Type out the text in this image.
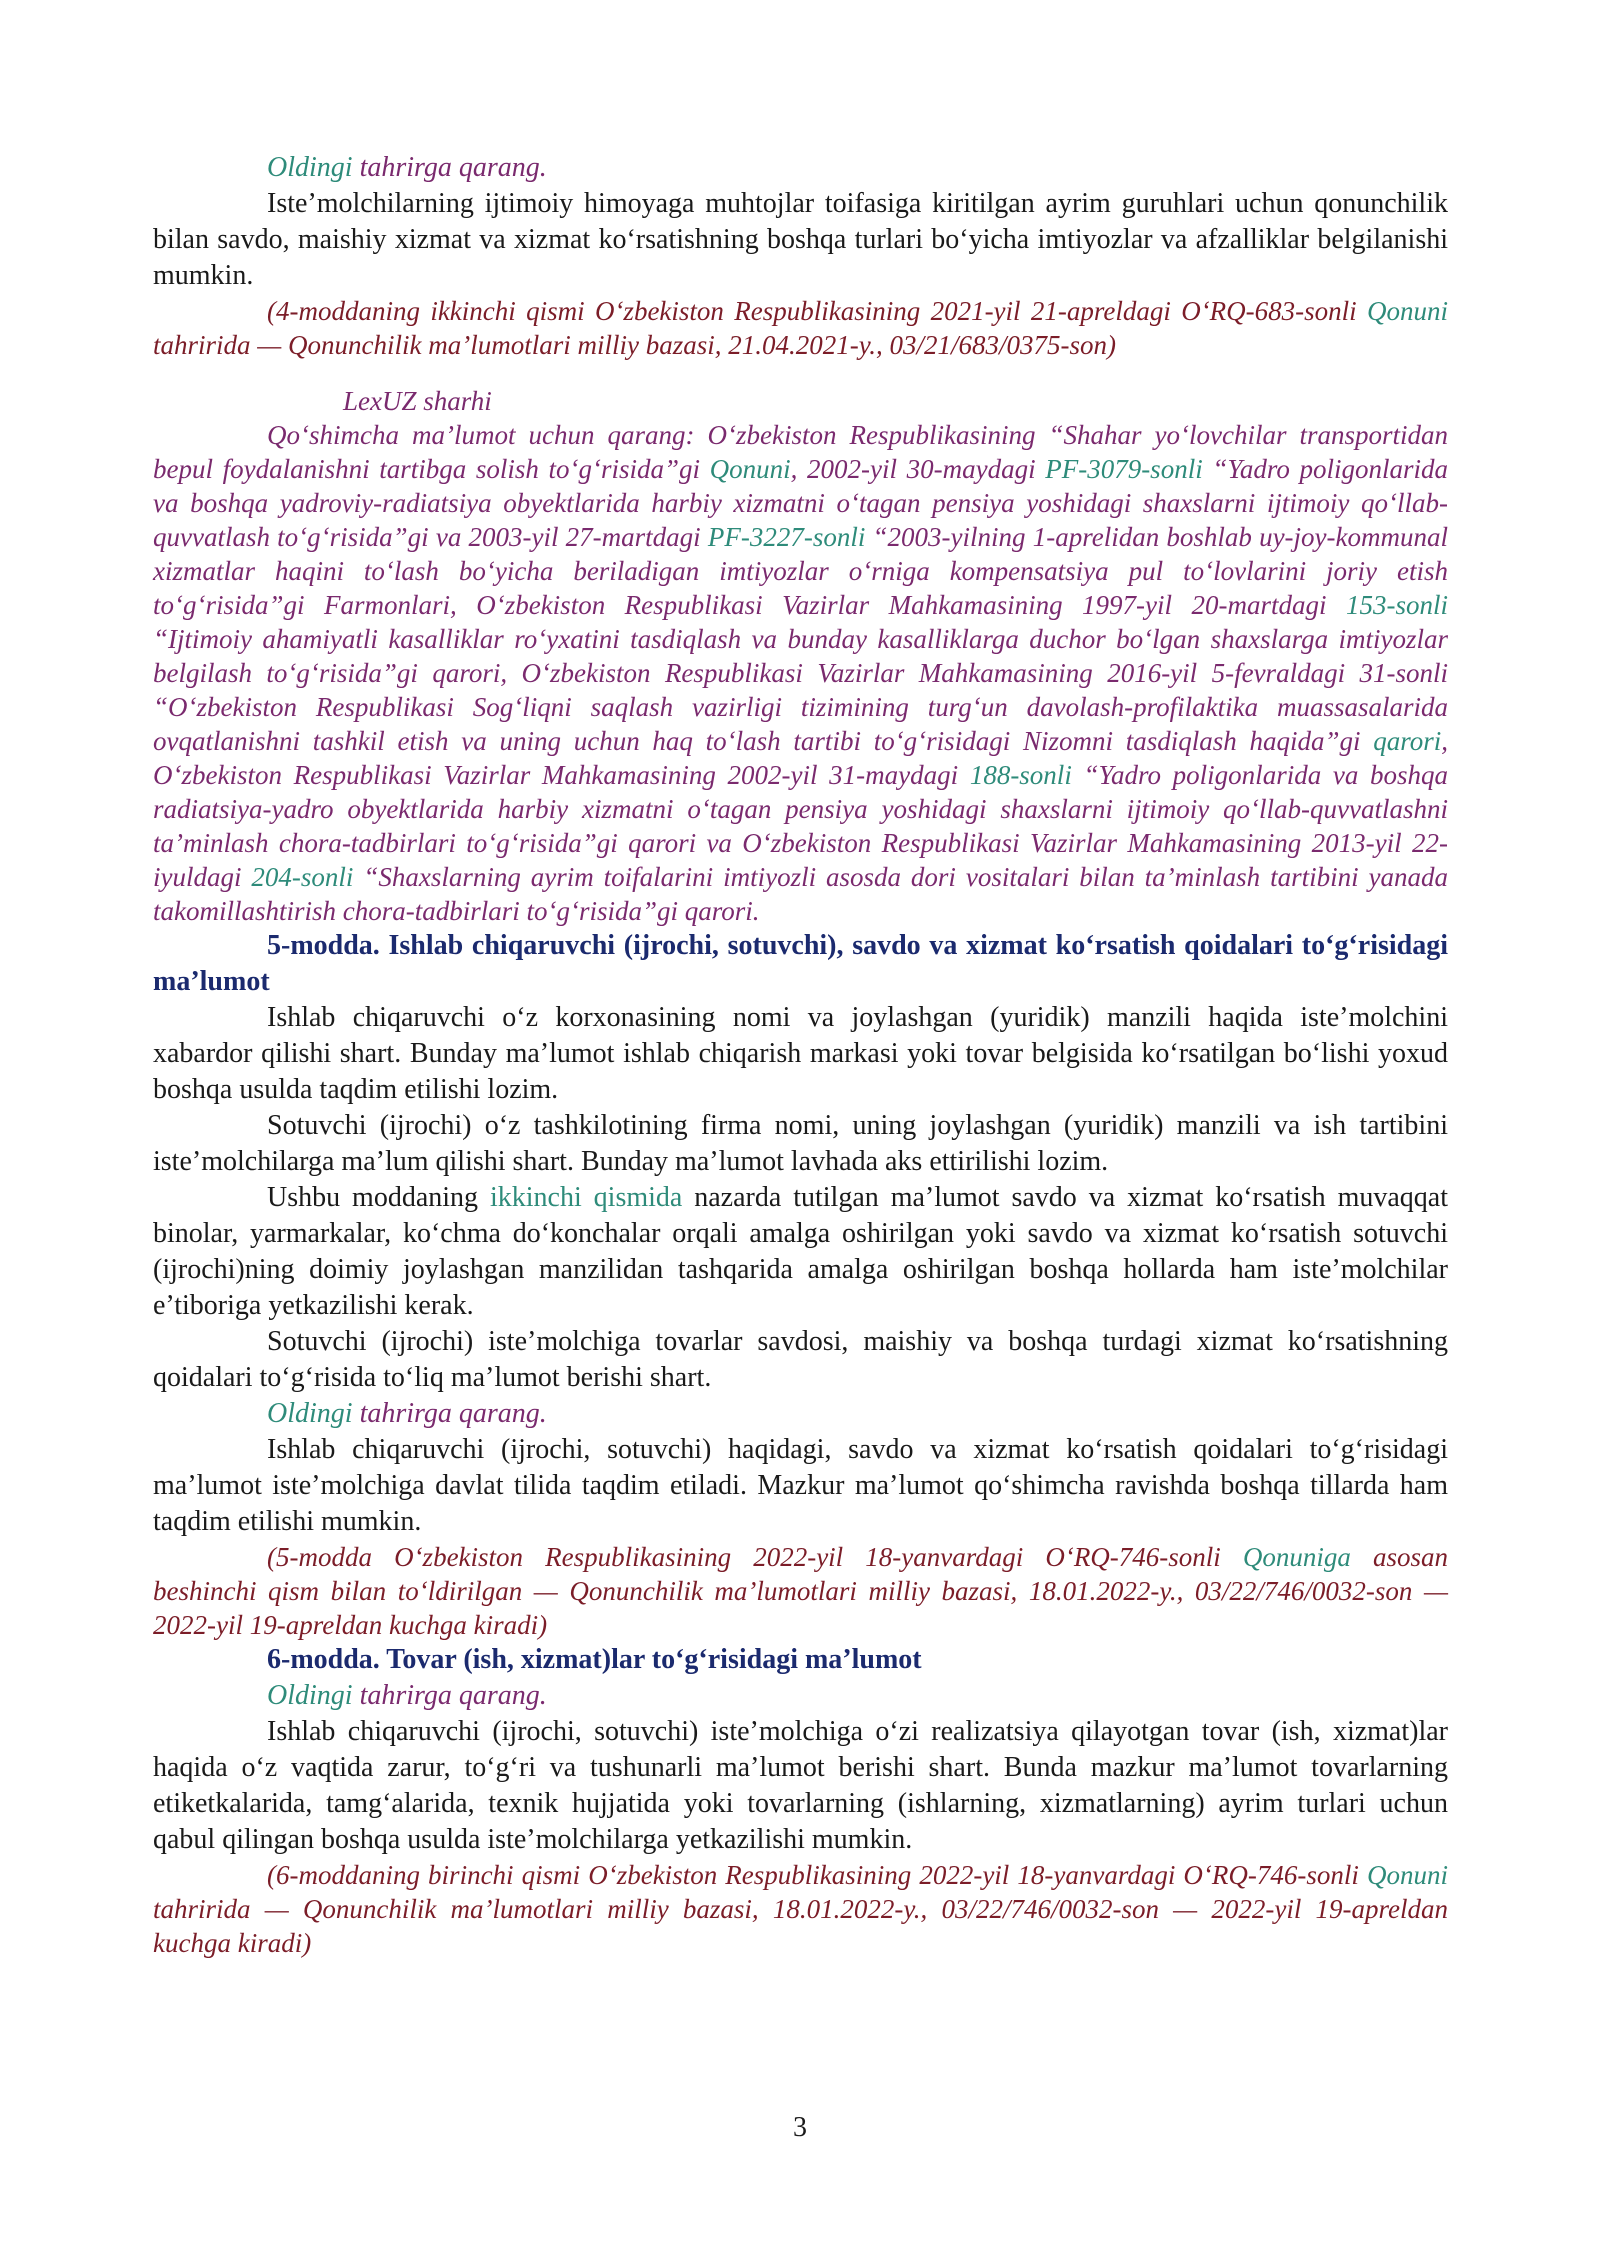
Oldingi tahrirga qarang.

Iste’molchilarning ijtimoiy himoyaga muhtojlar toifasiga kiritilgan ayrim guruhlari uchun qonunchilik bilan savdo, maishiy xizmat va xizmat ko‘rsatishning boshqa turlari bo‘yicha imtiyozlar va afzalliklar belgilanishi mumkin.

(4-moddaning ikkinchi qismi O‘zbekiston Respublikasining 2021-yil 21-apreldagi O‘RQ-683-sonli Qonuni tahririda — Qonunchilik ma’lumotlari milliy bazasi, 21.04.2021-y., 03/21/683/0375-son)

LexUZ sharhi

Qo‘shimcha ma’lumot uchun qarang: O‘zbekiston Respublikasining “Shahar yo‘lovchilar transportidan bepul foydalanishni tartibga solish to‘g‘risida”gi Qonuni, 2002-yil 30-maydagi PF-3079-sonli “Yadro poligonlarida va boshqa yadroviy-radiatsiya obyektlarida harbiy xizmatni o‘tagan pensiya yoshidagi shaxslarni ijtimoiy qo‘llab-quvvatlash to‘g‘risida”gi va 2003-yil 27-martdagi PF-3227-sonli “2003-yilning 1-aprelidan boshlab uy-joy-kommunal xizmatlar haqini to‘lash bo‘yicha beriladigan imtiyozlar o‘rniga kompensatsiya pul to‘lovlarini joriy etish to‘g‘risida”gi Farmonlari, O‘zbekiston Respublikasi Vazirlar Mahkamasining 1997-yil 20-martdagi 153-sonli “Ijtimoiy ahamiyatli kasalliklar ro‘yxatini tasdiqlash va bunday kasalliklarga duchor bo‘lgan shaxslarga imtiyozlar belgilash to‘g‘risida”gi qarori, O‘zbekiston Respublikasi Vazirlar Mahkamasining 2016-yil 5-fevraldagi 31-sonli “O‘zbekiston Respublikasi Sog‘liqni saqlash vazirligi tizimining turg‘un davolash-profilaktika muassasalarida ovqatlanishni tashkil etish va uning uchun haq to‘lash tartibi to‘g‘risidagi Nizomni tasdiqlash haqida”gi qarori, O‘zbekiston Respublikasi Vazirlar Mahkamasining 2002-yil 31-maydagi 188-sonli “Yadro poligonlarida va boshqa radiatsiya-yadro obyektlarida harbiy xizmatni o‘tagan pensiya yoshidagi shaxslarni ijtimoiy qo‘llab-quvvatlashni ta’minlash chora-tadbirlari to‘g‘risida”gi qarori va O‘zbekiston Respublikasi Vazirlar Mahkamasining 2013-yil 22-iyuldagi 204-sonli “Shaxslarning ayrim toifalarini imtiyozli asosda dori vositalari bilan ta’minlash tartibini yanada takomillashtirish chora-tadbirlari to‘g‘risida”gi qarori.

5-modda. Ishlab chiqaruvchi (ijrochi, sotuvchi), savdo va xizmat ko‘rsatish qoidalari to‘g‘risidagi ma’lumot

Ishlab chiqaruvchi o‘z korxonasining nomi va joylashgan (yuridik) manzili haqida iste’molchini xabardor qilishi shart. Bunday ma’lumot ishlab chiqarish markasi yoki tovar belgisida ko‘rsatilgan bo‘lishi yoxud boshqa usulda taqdim etilishi lozim.

Sotuvchi (ijrochi) o‘z tashkilotining firma nomi, uning joylashgan (yuridik) manzili va ish tartibini iste’molchilarga ma’lum qilishi shart. Bunday ma’lumot lavhada aks ettirilishi lozim.

Ushbu moddaning ikkinchi qismida nazarda tutilgan ma’lumot savdo va xizmat ko‘rsatish muvaqqat binolar, yarmarkalar, ko‘chma do‘konchalar orqali amalga oshirilgan yoki savdo va xizmat ko‘rsatish sotuvchi (ijrochi)ning doimiy joylashgan manzilidan tashqarida amalga oshirilgan boshqa hollarda ham iste’molchilar e’tiboriga yetkazilishi kerak.

Sotuvchi (ijrochi) iste’molchiga tovarlar savdosi, maishiy va boshqa turdagi xizmat ko‘rsatishning qoidalari to‘g‘risida to‘liq ma’lumot berishi shart.

Oldingi tahrirga qarang.

Ishlab chiqaruvchi (ijrochi, sotuvchi) haqidagi, savdo va xizmat ko‘rsatish qoidalari to‘g‘risidagi ma’lumot iste’molchiga davlat tilida taqdim etiladi. Mazkur ma’lumot qo‘shimcha ravishda boshqa tillarda ham taqdim etilishi mumkin.

(5-modda O‘zbekiston Respublikasining 2022-yil 18-yanvardagi O‘RQ-746-sonli Qonuniga asosan beshinchi qism bilan to‘ldirilgan — Qonunchilik ma’lumotlari milliy bazasi, 18.01.2022-y., 03/22/746/0032-son — 2022-yil 19-apreldan kuchga kiradi)

6-modda. Tovar (ish, xizmat)lar to‘g‘risidagi ma’lumot

Oldingi tahrirga qarang.

Ishlab chiqaruvchi (ijrochi, sotuvchi) iste’molchiga o‘zi realizatsiya qilayotgan tovar (ish, xizmat)lar haqida o‘z vaqtida zarur, to‘g‘ri va tushunarli ma’lumot berishi shart. Bunda mazkur ma’lumot tovarlarning etiketkalarida, tamg‘alarida, texnik hujjatida yoki tovarlarning (ishlarning, xizmatlarning) ayrim turlari uchun qabul qilingan boshqa usulda iste’molchilarga yetkazilishi mumkin.

(6-moddaning birinchi qismi O‘zbekiston Respublikasining 2022-yil 18-yanvardagi O‘RQ-746-sonli Qonuni tahririda — Qonunchilik ma’lumotlari milliy bazasi, 18.01.2022-y., 03/22/746/0032-son — 2022-yil 19-apreldan kuchga kiradi)

3
